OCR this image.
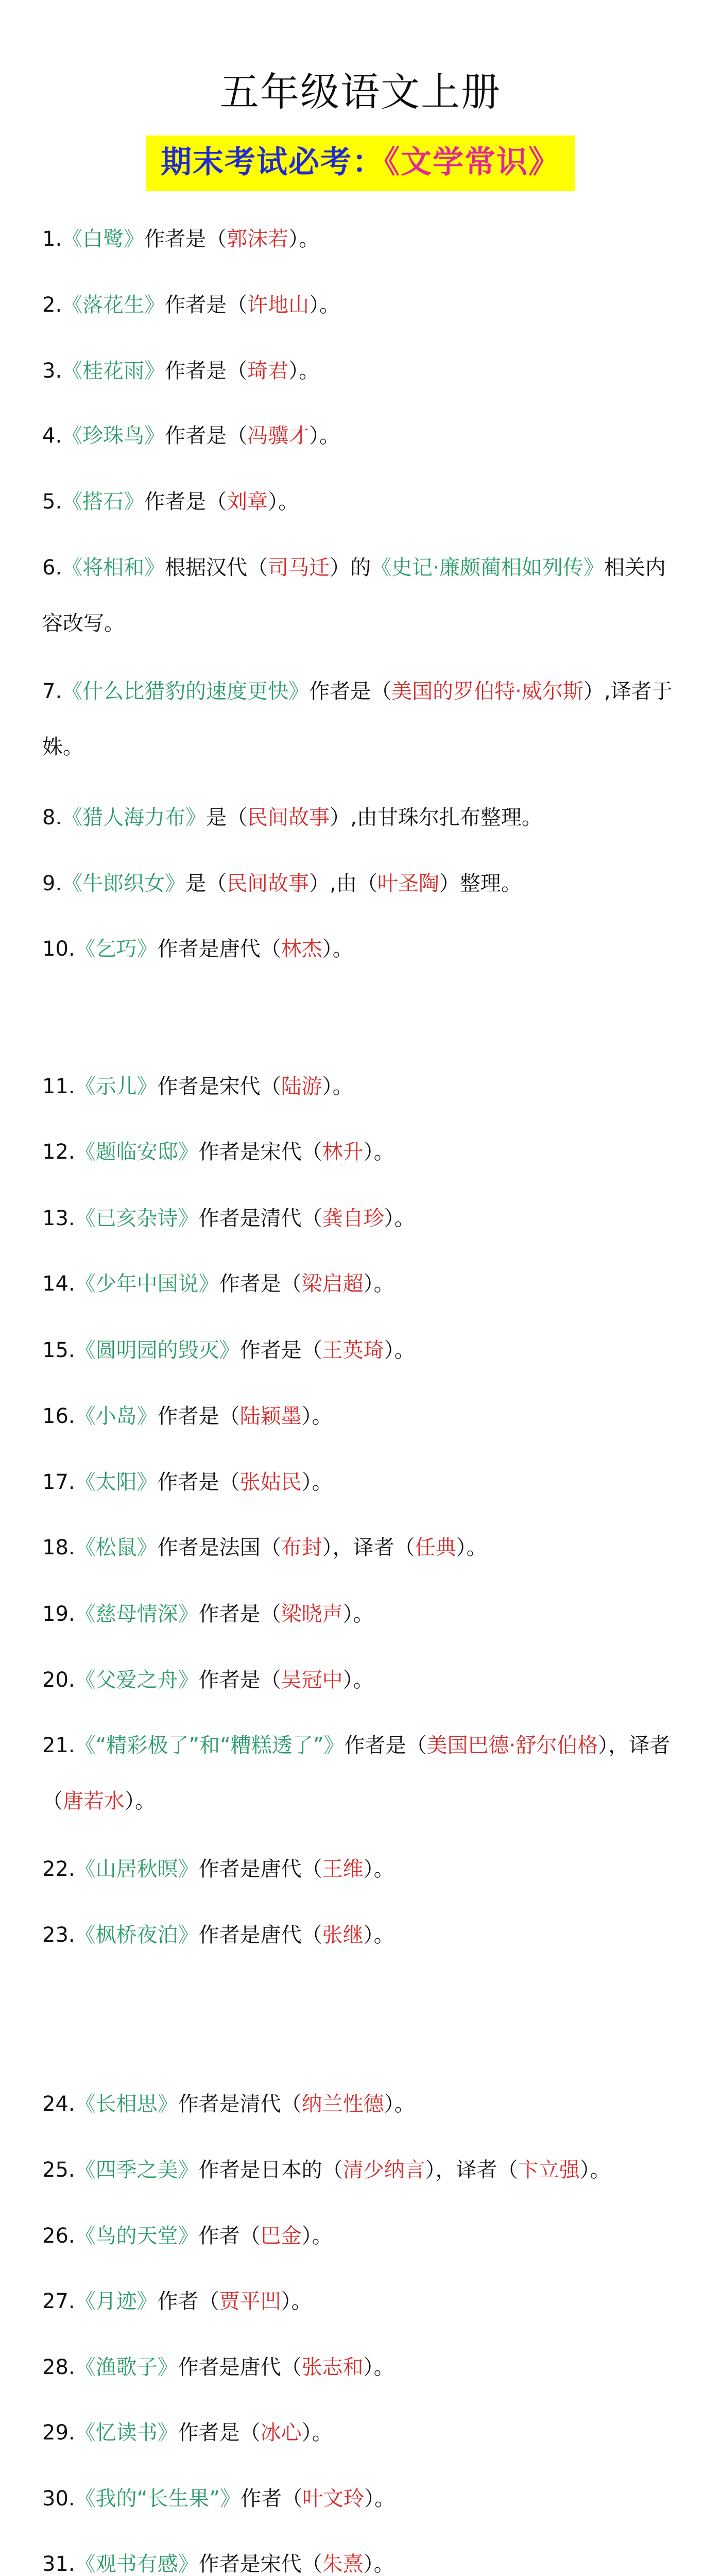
五年级语文上册
期末考试必考：《文学常识》
1.《白鹭》作者是（郭沫若）。
2.《落花生》作者是（许地山）。
3.《桂花雨》作者是（琦君）。
4.《珍珠鸟》作者是（冯骥才）。
5.《搭石》作者是（刘章）。
6.《将相和》根据汉代（司马迁）的《史记·廉颇蔺相如列传》相关内容改写。
7.《什么比猎豹的速度更快》作者是（美国的罗伯特·威尔斯）,译者于姝。
8.《猎人海力布》是（民间故事）,由甘珠尔扎布整理。
9.《牛郎织女》是（民间故事）,由（叶圣陶）整理。
10.《乞巧》作者是唐代（林杰）。
11.《示儿》作者是宋代（陆游）。
12.《题临安邸》作者是宋代（林升）。
13.《已亥杂诗》作者是清代（龚自珍）。
14.《少年中国说》作者是（梁启超）。
15.《圆明园的毁灭》作者是（王英琦）。
16.《小岛》作者是（陆颖墨）。
17.《太阳》作者是（张姑民）。
18.《松鼠》作者是法国（布封），译者（任典）。
19.《慈母情深》作者是（梁晓声）。
20.《父爱之舟》作者是（吴冠中）。
21.《“精彩极了”和“糟糕透了”》作者是（美国巴德·舒尔伯格），译者（唐若水）。
22.《山居秋暝》作者是唐代（王维）。
23.《枫桥夜泊》作者是唐代（张继）。
24.《长相思》作者是清代（纳兰性德）。
25.《四季之美》作者是日本的（清少纳言），译者（卞立强）。
26.《鸟的天堂》作者（巴金）。
27.《月迹》作者（贾平凹）。
28.《渔歌子》作者是唐代（张志和）。
29.《忆读书》作者是（冰心）。
30.《我的“长生果”》作者（叶文玲）。
31.《观书有感》作者是宋代（朱熹）。
